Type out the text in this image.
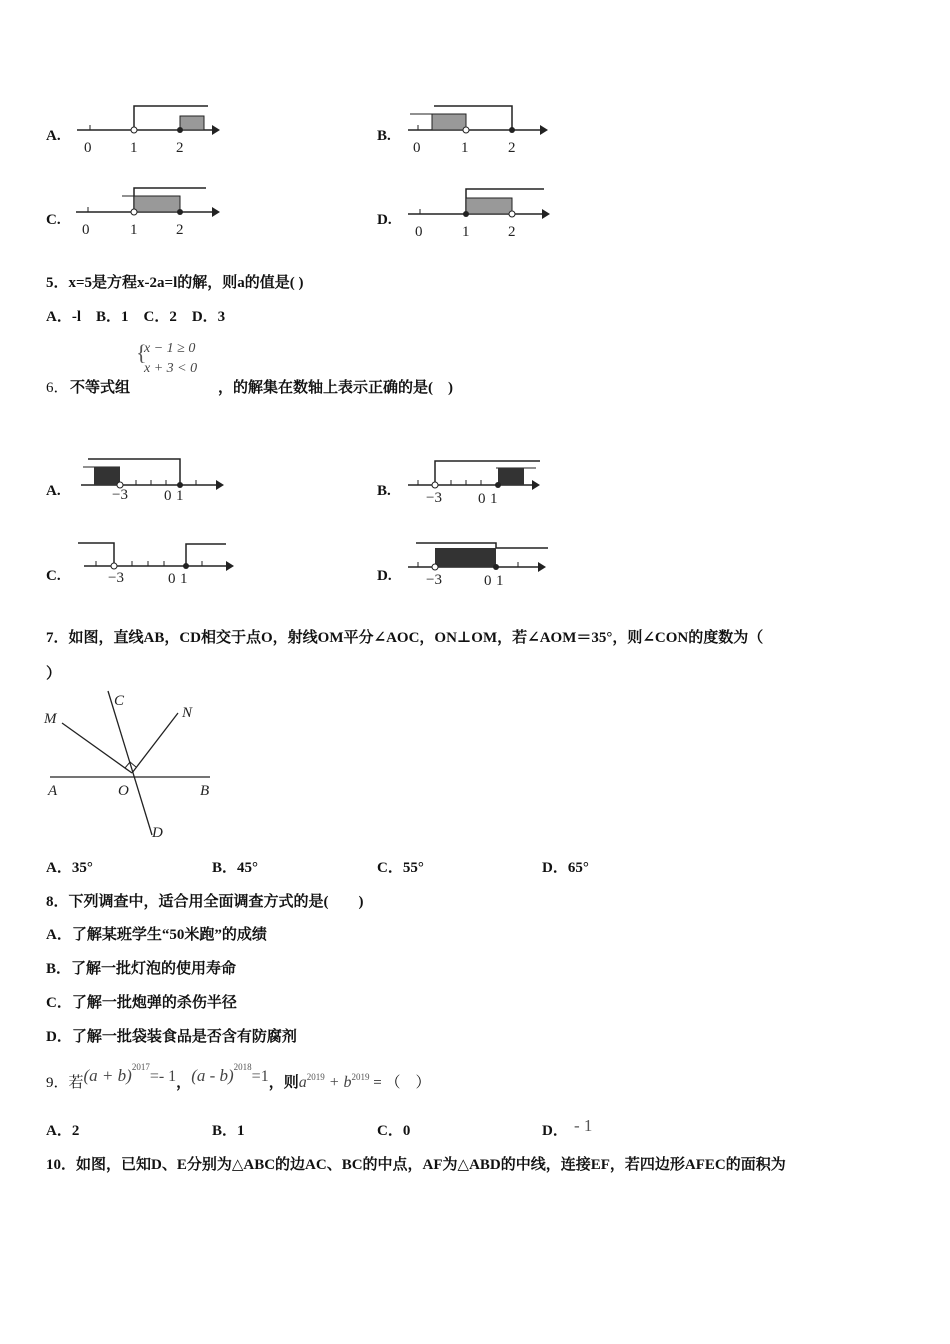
A.
0	1	2
B.
0	1	2
C.
0	1	2
D.
0	1	2
5．x=5是方程x-2a=l的解，则a的值是( )
A．-l　B．1　C．2　D．3
6． 不等式组
{
x − 1 ≥ 0
x + 3 < 0
，的解集在数轴上表示正确的是(　)
A.	−3 0 1	B. −3 0 1
C.	−3	0 1	D. −3	0 1
7．如图，直线AB，CD相交于点O，射线OM平分∠AOC，ON⊥OM，若∠AOM＝35°，则∠CON的度数为（
）
M
C
N
A	O	B
D
A．35°	B．45°	C．55°	D．65°
8．下列调查中，适合用全面调查方式的是(　　)
A．了解某班学生“50米跑”的成绩
B．了解一批灯泡的使用寿命
C．了解一批炮弹的杀伤半径
D．了解一批袋装食品是否含有防腐剂
9．若 (a + b) 2017
=- 1 ， (a - b) 2018
=1 ，则 a 2019 + b 2019 = （　）
A．2	B．1	C．0	D． - 1
10．如图，已知D、E分别为△ABC的边AC、BC的中点，AF为△ABD的中线，连接EF，若四边形AFEC的面积为
